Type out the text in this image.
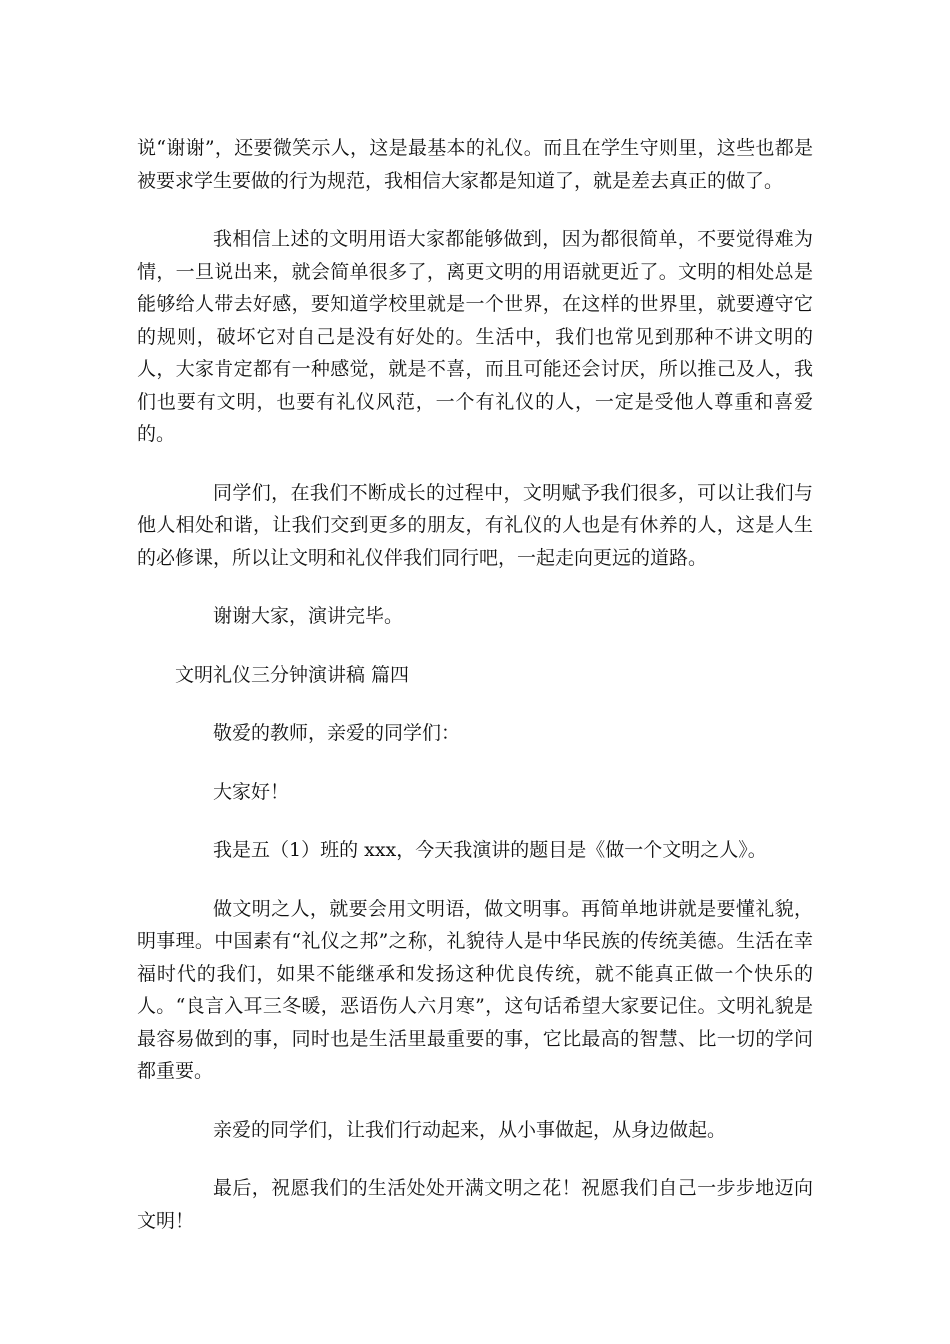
说“谢谢”，还要微笑示人，这是最基本的礼仪。而且在学生守则里，这些也都是被要求学生要做的行为规范，我相信大家都是知道了，就是差去真正的做了。

我相信上述的文明用语大家都能够做到，因为都很简单，不要觉得难为情，一旦说出来，就会简单很多了，离更文明的用语就更近了。文明的相处总是能够给人带去好感，要知道学校里就是一个世界，在这样的世界里，就要遵守它的规则，破坏它对自己是没有好处的。生活中，我们也常见到那种不讲文明的人，大家肯定都有一种感觉，就是不喜，而且可能还会讨厌，所以推己及人，我们也要有文明，也要有礼仪风范，一个有礼仪的人，一定是受他人尊重和喜爱的。

同学们，在我们不断成长的过程中，文明赋予我们很多，可以让我们与他人相处和谐，让我们交到更多的朋友，有礼仪的人也是有休养的人，这是人生的必修课，所以让文明和礼仪伴我们同行吧，一起走向更远的道路。

谢谢大家，演讲完毕。

文明礼仪三分钟演讲稿 篇四

敬爱的教师，亲爱的同学们：

大家好！

我是五（1）班的 xxx，今天我演讲的题目是《做一个文明之人》。

做文明之人，就要会用文明语，做文明事。再简单地讲就是要懂礼貌，明事理。中国素有“礼仪之邦”之称，礼貌待人是中华民族的传统美德。生活在幸福时代的我们，如果不能继承和发扬这种优良传统，就不能真正做一个快乐的人。“良言入耳三冬暖，恶语伤人六月寒”，这句话希望大家要记住。文明礼貌是最容易做到的事，同时也是生活里最重要的事，它比最高的智慧、比一切的学问都重要。

亲爱的同学们，让我们行动起来，从小事做起，从身边做起。

最后，祝愿我们的生活处处开满文明之花！祝愿我们自己一步步地迈向文明！
